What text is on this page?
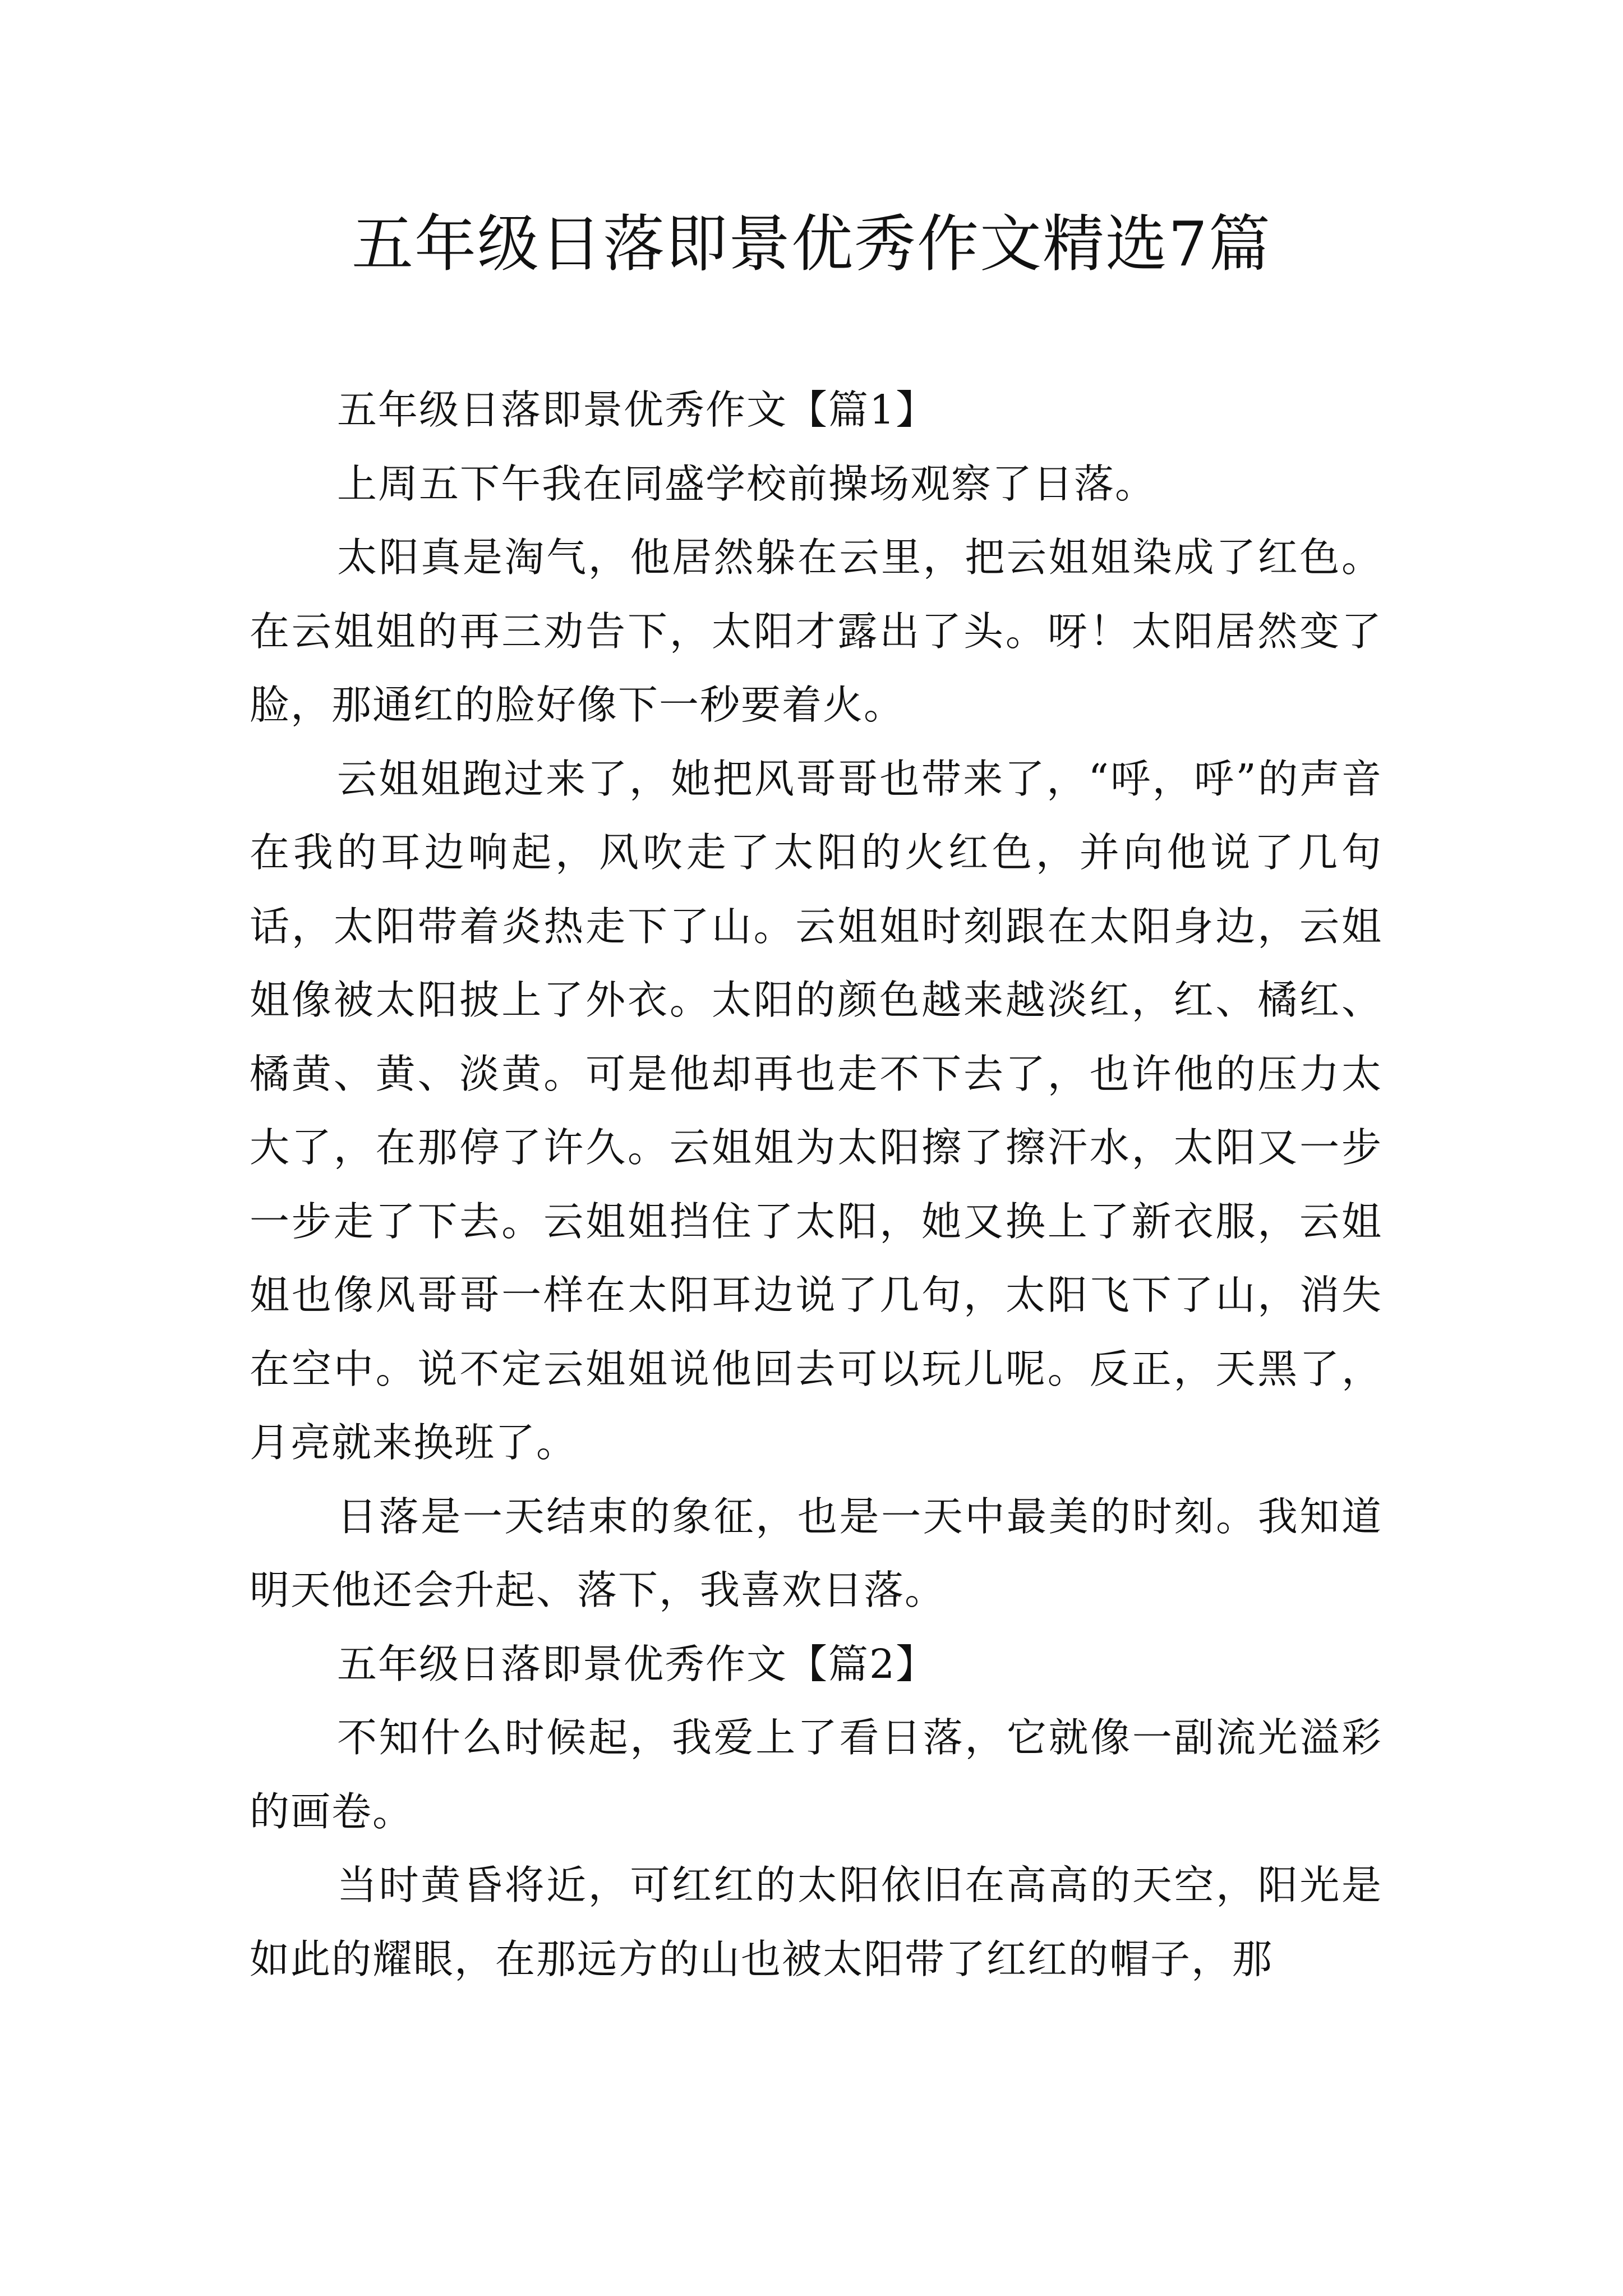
五年级日落即景优秀作文精选7篇

五年级日落即景优秀作文【篇1】

上周五下午我在同盛学校前操场观察了日落。

太阳真是淘气，他居然躲在云里，把云姐姐染成了红色。在云姐姐的再三劝告下，太阳才露出了头。呀！太阳居然变了脸，那通红的脸好像下一秒要着火。

云姐姐跑过来了，她把风哥哥也带来了，“呼，呼”的声音在我的耳边响起，风吹走了太阳的火红色，并向他说了几句话，太阳带着炎热走下了山。云姐姐时刻跟在太阳身边，云姐姐像被太阳披上了外衣。太阳的颜色越来越淡红，红、橘红、橘黄、黄、淡黄。可是他却再也走不下去了，也许他的压力太大了，在那停了许久。云姐姐为太阳擦了擦汗水，太阳又一步一步走了下去。云姐姐挡住了太阳，她又换上了新衣服，云姐姐也像风哥哥一样在太阳耳边说了几句，太阳飞下了山，消失在空中。说不定云姐姐说他回去可以玩儿呢。反正，天黑了，月亮就来换班了。

日落是一天结束的象征，也是一天中最美的时刻。我知道明天他还会升起、落下，我喜欢日落。

五年级日落即景优秀作文【篇2】

不知什么时候起，我爱上了看日落，它就像一副流光溢彩的画卷。

当时黄昏将近，可红红的太阳依旧在高高的天空，阳光是如此的耀眼，在那远方的山也被太阳带了红红的帽子，那
